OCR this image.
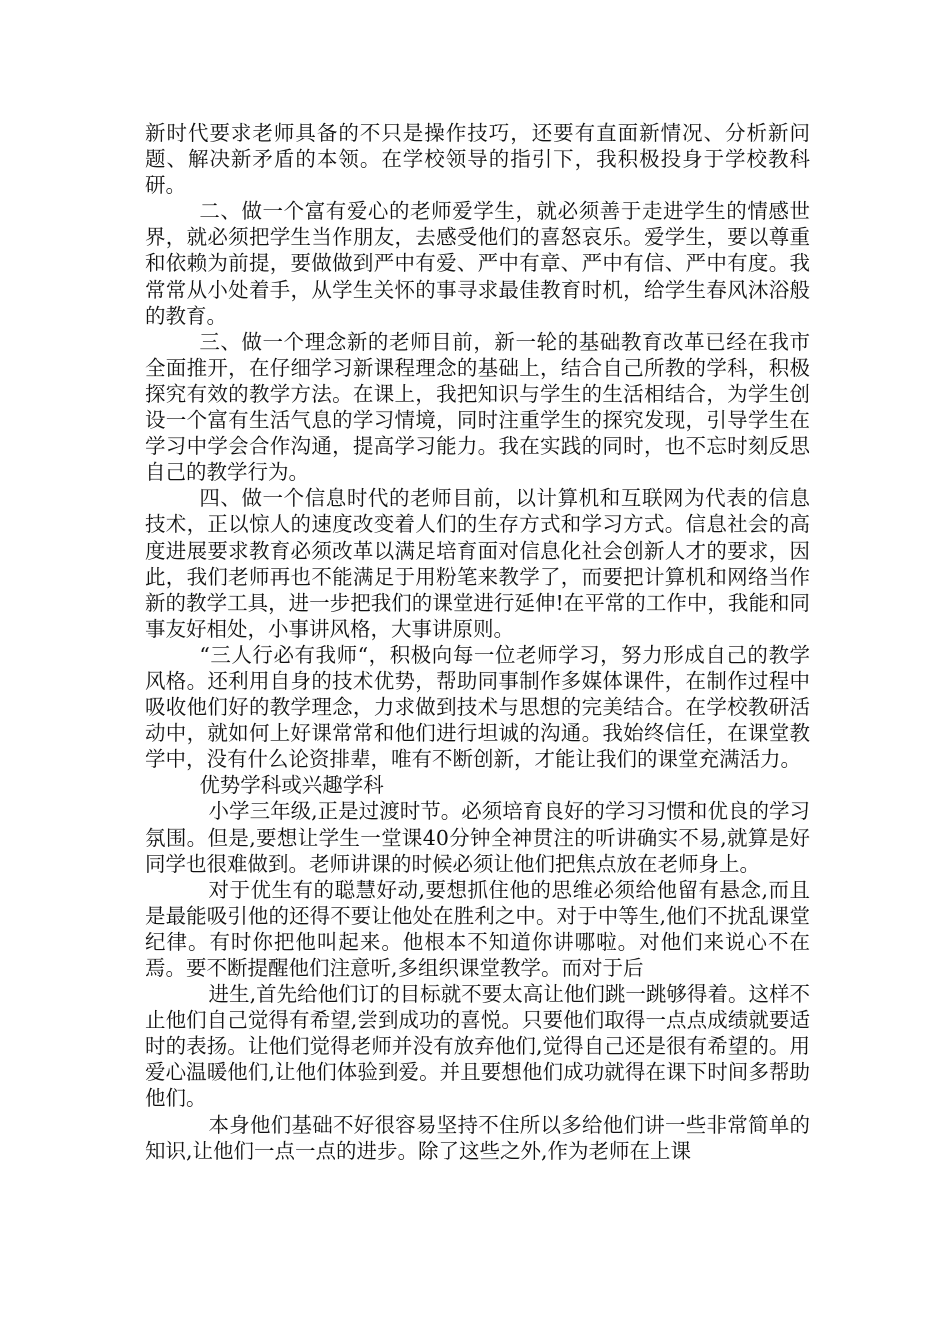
新时代要求老师具备的不只是操作技巧，还要有直面新情况、分析新问题、解决新矛盾的本领。在学校领导的指引下，我积极投身于学校教科研。

二、做一个富有爱心的老师爱学生，就必须善于走进学生的情感世界，就必须把学生当作朋友，去感受他们的喜怒哀乐。爱学生，要以尊重和依赖为前提，要做做到严中有爱、严中有章、严中有信、严中有度。我常常从小处着手，从学生关怀的事寻求最佳教育时机，给学生春风沐浴般的教育。

三、做一个理念新的老师目前，新一轮的基础教育改革已经在我市全面推开，在仔细学习新课程理念的基础上，结合自己所教的学科，积极探究有效的教学方法。在课上，我把知识与学生的生活相结合，为学生创设一个富有生活气息的学习情境，同时注重学生的探究发现，引导学生在学习中学会合作沟通，提高学习能力。我在实践的同时，也不忘时刻反思自己的教学行为。

四、做一个信息时代的老师目前，以计算机和互联网为代表的信息技术，正以惊人的速度改变着人们的生存方式和学习方式。信息社会的高度进展要求教育必须改革以满足培育面对信息化社会创新人才的要求，因此，我们老师再也不能满足于用粉笔来教学了，而要把计算机和网络当作新的教学工具，进一步把我们的课堂进行延伸!在平常的工作中，我能和同事友好相处，小事讲风格，大事讲原则。

“三人行必有我师“，积极向每一位老师学习，努力形成自己的教学风格。还利用自身的技术优势，帮助同事制作多媒体课件，在制作过程中吸收他们好的教学理念，力求做到技术与思想的完美结合。在学校教研活动中，就如何上好课常常和他们进行坦诚的沟通。我始终信任，在课堂教学中，没有什么论资排辈，唯有不断创新，才能让我们的课堂充满活力。

优势学科或兴趣学科

小学三年级,正是过渡时节。必须培育良好的学习习惯和优良的学习氛围。但是,要想让学生一堂课40分钟全神贯注的听讲确实不易,就算是好同学也很难做到。老师讲课的时候必须让他们把焦点放在老师身上。

对于优生有的聪慧好动,要想抓住他的思维必须给他留有悬念,而且是最能吸引他的还得不要让他处在胜利之中。对于中等生,他们不扰乱课堂纪律。有时你把他叫起来。他根本不知道你讲哪啦。对他们来说心不在焉。要不断提醒他们注意听,多组织课堂教学。而对于后

进生,首先给他们订的目标就不要太高让他们跳一跳够得着。这样不止他们自己觉得有希望,尝到成功的喜悦。只要他们取得一点点成绩就要适时的表扬。让他们觉得老师并没有放弃他们,觉得自己还是很有希望的。用爱心温暖他们,让他们体验到爱。并且要想他们成功就得在课下时间多帮助他们。

本身他们基础不好很容易坚持不住所以多给他们讲一些非常简单的知识,让他们一点一点的进步。除了这些之外,作为老师在上课
